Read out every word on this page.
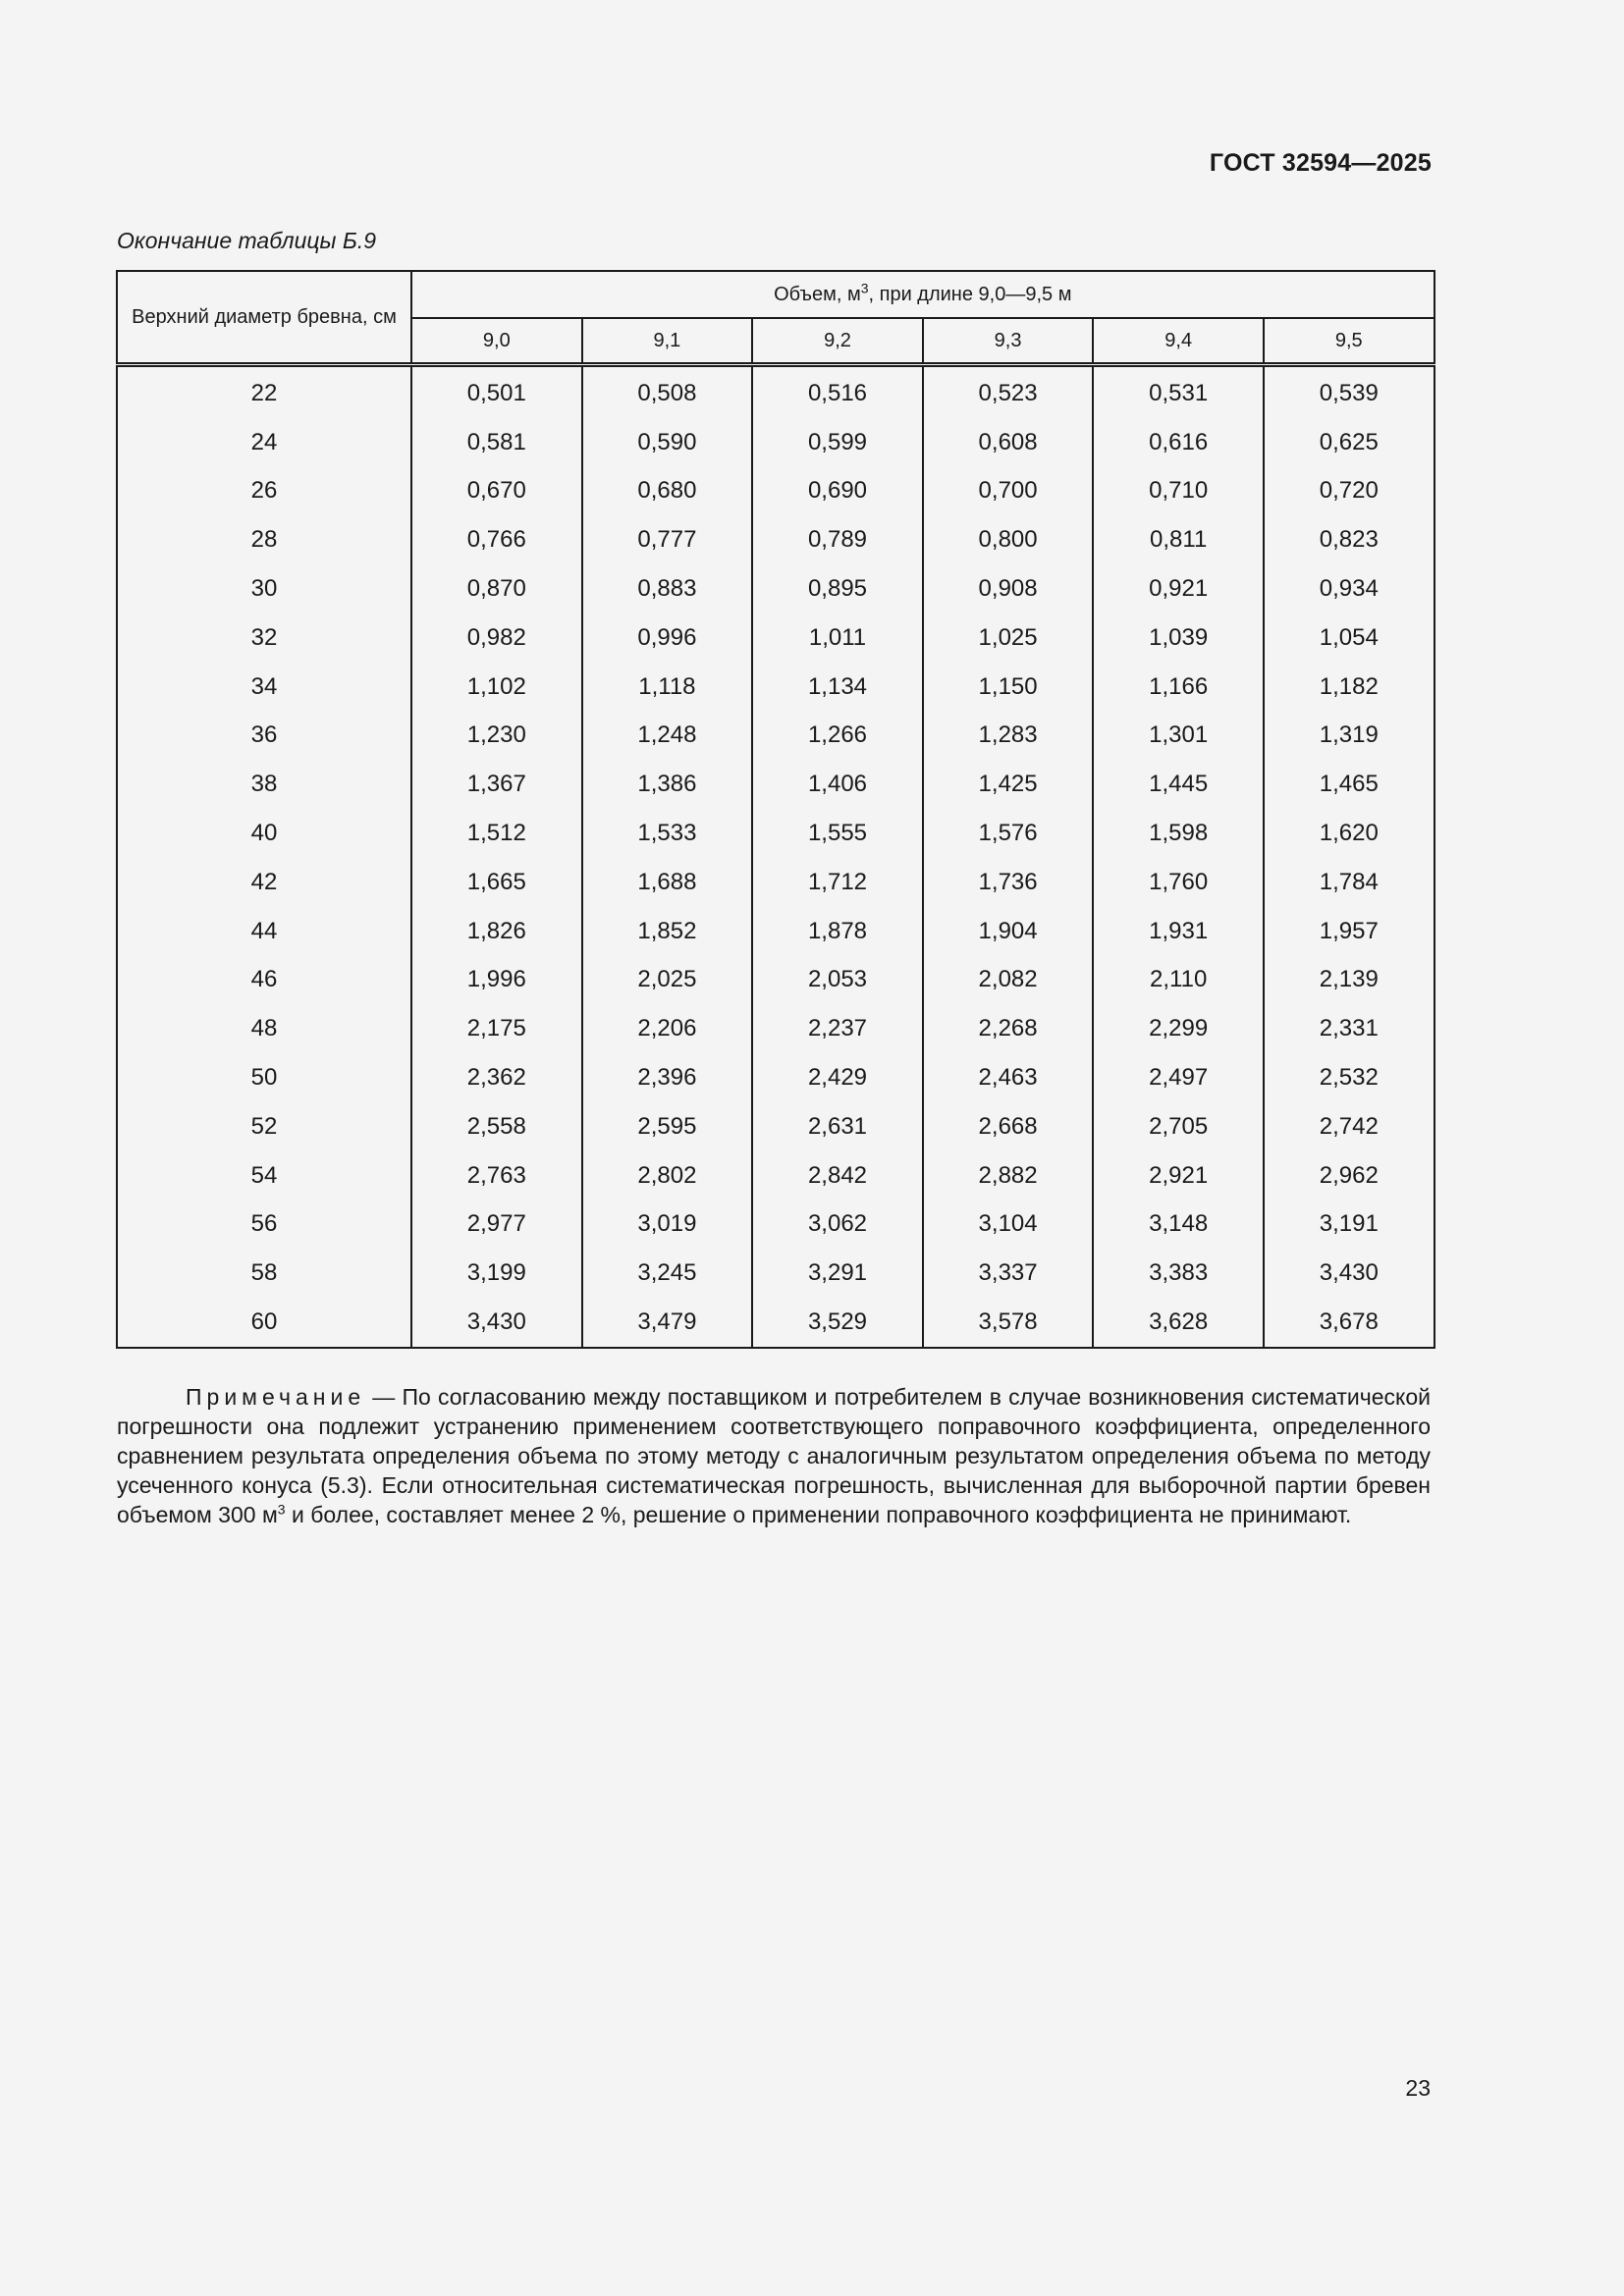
ГОСТ 32594—2025
Окончание таблицы Б.9
Верхний диаметр бревна, см	Объем, $м^3$, при длине 9,0—9,5 м					
	9,0	9,1	9,2	9,3	9,4	9,5
22	0,501	0,508	0,516	0,523	0,531	0,539
24	0,581	0,590	0,599	0,608	0,616	0,625
26	0,670	0,680	0,690	0,700	0,710	0,720
28	0,766	0,777	0,789	0,800	0,811	0,823
30	0,870	0,883	0,895	0,908	0,921	0,934
32	0,982	0,996	1,011	1,025	1,039	1,054
34	1,102	1,118	1,134	1,150	1,166	1,182
36	1,230	1,248	1,266	1,283	1,301	1,319
38	1,367	1,386	1,406	1,425	1,445	1,465
40	1,512	1,533	1,555	1,576	1,598	1,620
42	1,665	1,688	1,712	1,736	1,760	1,784
44	1,826	1,852	1,878	1,904	1,931	1,957
46	1,996	2,025	2,053	2,082	2,110	2,139
48	2,175	2,206	2,237	2,268	2,299	2,331
50	2,362	2,396	2,429	2,463	2,497	2,532
52	2,558	2,595	2,631	2,668	2,705	2,742
54	2,763	2,802	2,842	2,882	2,921	2,962
56	2,977	3,019	3,062	3,104	3,148	3,191
58	3,199	3,245	3,291	3,337	3,383	3,430
60	3,430	3,479	3,529	3,578	3,628	3,678
Примечание — По согласованию между поставщиком и потребителем в случае возникновения систематической погрешности она подлежит устранению применением соответствующего поправочного коэффициента, определенного сравнением результата определения объема по этому методу с аналогичным результатом определения объема по методу усеченного конуса (5.3). Если относительная систематическая погрешность, вычисленная для выборочной партии бревен объемом 300 $м^3$ и более, составляет менее 2 %, решение о применении поправочного коэффициента не принимают.
23
